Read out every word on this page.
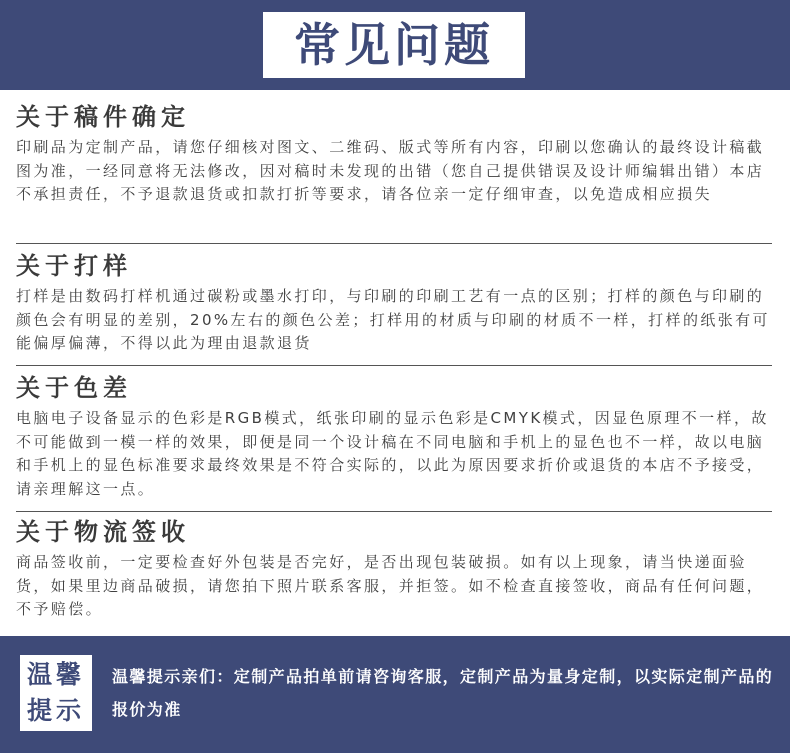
常见问题
关于稿件确定

印刷品为定制产品，请您仔细核对图文、二维码、版式等所有内容，印刷以您确认的最终设计稿截图为准，一经同意将无法修改，因对稿时未发现的出错（您自己提供错误及设计师编辑出错）本店不承担责任，不予退款退货或扣款打折等要求，请各位亲一定仔细审查，以免造成相应损失

关于打样

打样是由数码打样机通过碳粉或墨水打印，与印刷的印刷工艺有一点的区别；打样的颜色与印刷的颜色会有明显的差别，20%左右的颜色公差；打样用的材质与印刷的材质不一样，打样的纸张有可能偏厚偏薄，不得以此为理由退款退货

关于色差

电脑电子设备显示的色彩是RGB模式，纸张印刷的显示色彩是CMYK模式，因显色原理不一样，故不可能做到一模一样的效果，即便是同一个设计稿在不同电脑和手机上的显色也不一样，故以电脑和手机上的显色标准要求最终效果是不符合实际的，以此为原因要求折价或退货的本店不予接受，请亲理解这一点。

关于物流签收

商品签收前，一定要检查好外包装是否完好，是否出现包装破损。如有以上现象，请当快递面验货，如果里边商品破损，请您拍下照片联系客服，并拒签。如不检查直接签收，商品有任何问题，不予赔偿。

温馨
提示
温馨提示亲们：定制产品拍单前请咨询客服，定制产品为量身定制，以实际定制产品的报价为准
